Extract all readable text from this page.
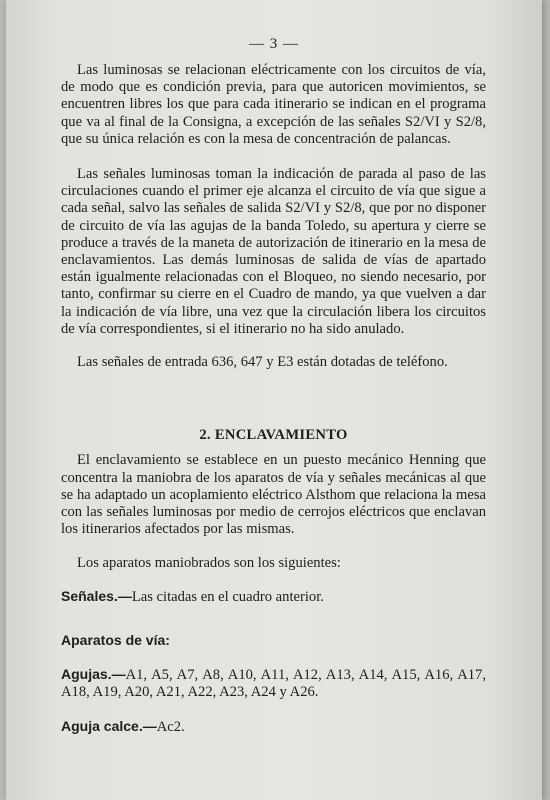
— 3 —

Las luminosas se relacionan eléctricamente con los circuitos de vía, de modo que es condición previa, para que autoricen movimientos, se encuentren libres los que para cada itinerario se indican en el programa que va al final de la Consigna, a excepción de las señales S2/VI y S2/8, que su única relación es con la mesa de concentración de palancas.

Las señales luminosas toman la indicación de parada al paso de las circulaciones cuando el primer eje alcanza el circuito de vía que sigue a cada señal, salvo las señales de salida S2/VI y S2/8, que por no disponer de circuito de vía las agujas de la banda Toledo, su apertura y cierre se produce a través de la maneta de autorización de itinerario en la mesa de enclavamientos. Las demás luminosas de salida de vías de apartado están igualmente relacionadas con el Bloqueo, no siendo necesario, por tanto, confirmar su cierre en el Cuadro de mando, ya que vuelven a dar la indicación de vía libre, una vez que la circulación libera los circuitos de vía correspondientes, si el itinerario no ha sido anulado.

Las señales de entrada 636, 647 y E3 están dotadas de teléfono.

2. ENCLAVAMIENTO

El enclavamiento se establece en un puesto mecánico Henning que concentra la maniobra de los aparatos de vía y señales mecánicas al que se ha adaptado un acoplamiento eléctrico Alsthom que relaciona la mesa con las señales luminosas por medio de cerrojos eléctricos que enclavan los itinerarios afectados por las mismas.

Los aparatos maniobrados son los siguientes:

Señales.—Las citadas en el cuadro anterior.

Aparatos de vía:

Agujas.—A1, A5, A7, A8, A10, A11, A12, A13, A14, A15, A16, A17, A18, A19, A20, A21, A22, A23, A24 y A26.

Aguja calce.—Ac2.
